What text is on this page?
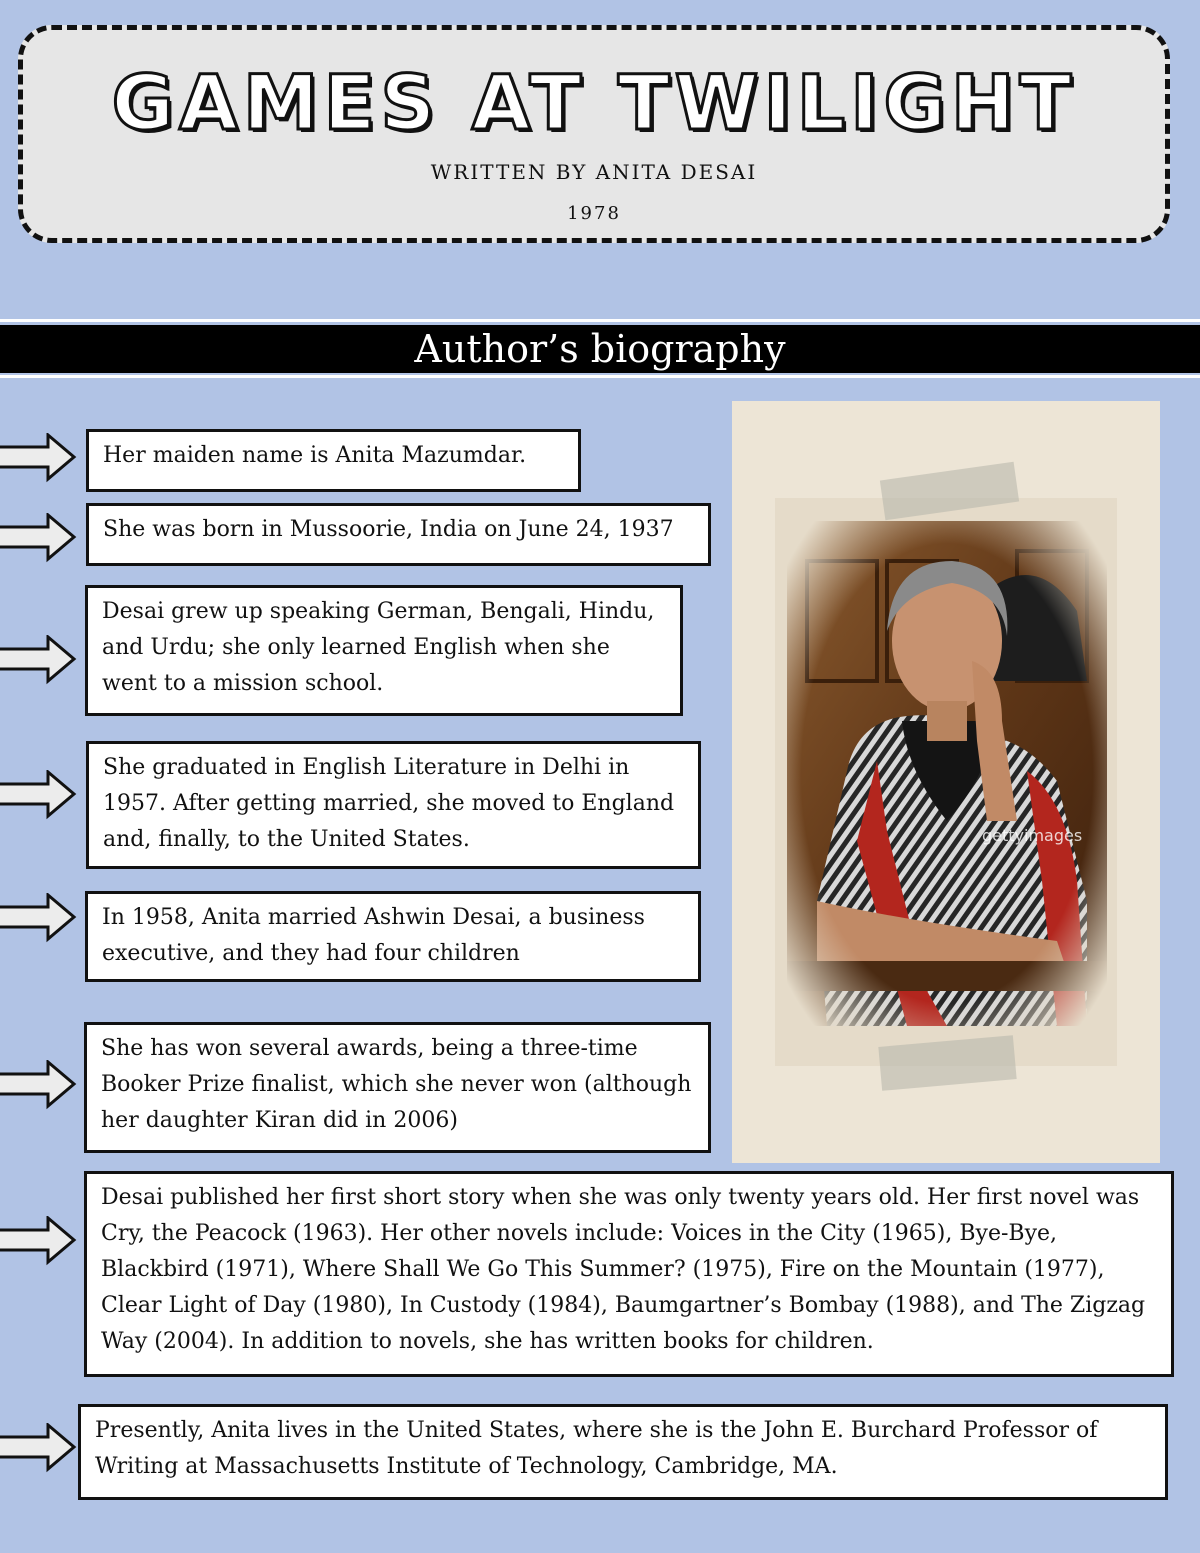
GAMES AT TWILIGHT
WRITTEN BY ANITA DESAI
1978
Author’s biography
Her maiden name is Anita Mazumdar.
She was born in Mussoorie, India on June 24, 1937
Desai grew up speaking German, Bengali, Hindu, and Urdu; she only learned English when she went to a mission school.
She graduated in English Literature in Delhi in 1957. After getting married, she moved to England and, finally, to the United States.
In 1958, Anita married Ashwin Desai, a business executive, and they had four children
She has won several awards, being a three-time Booker Prize finalist, which she never won (although her daughter Kiran did in 2006)
Desai published her first short story when she was only twenty years old. Her first novel was Cry, the Peacock (1963). Her other novels include: Voices in the City (1965), Bye-Bye, Blackbird (1971), Where Shall We Go This Summer? (1975), Fire on the Mountain (1977), Clear Light of Day (1980), In Custody (1984), Baumgartner’s Bombay (1988), and The Zigzag Way (2004). In addition to novels, she has written books for children.
Presently, Anita lives in the United States, where she is the John E. Burchard Professor of Writing at Massachusetts Institute of Technology, Cambridge, MA.
